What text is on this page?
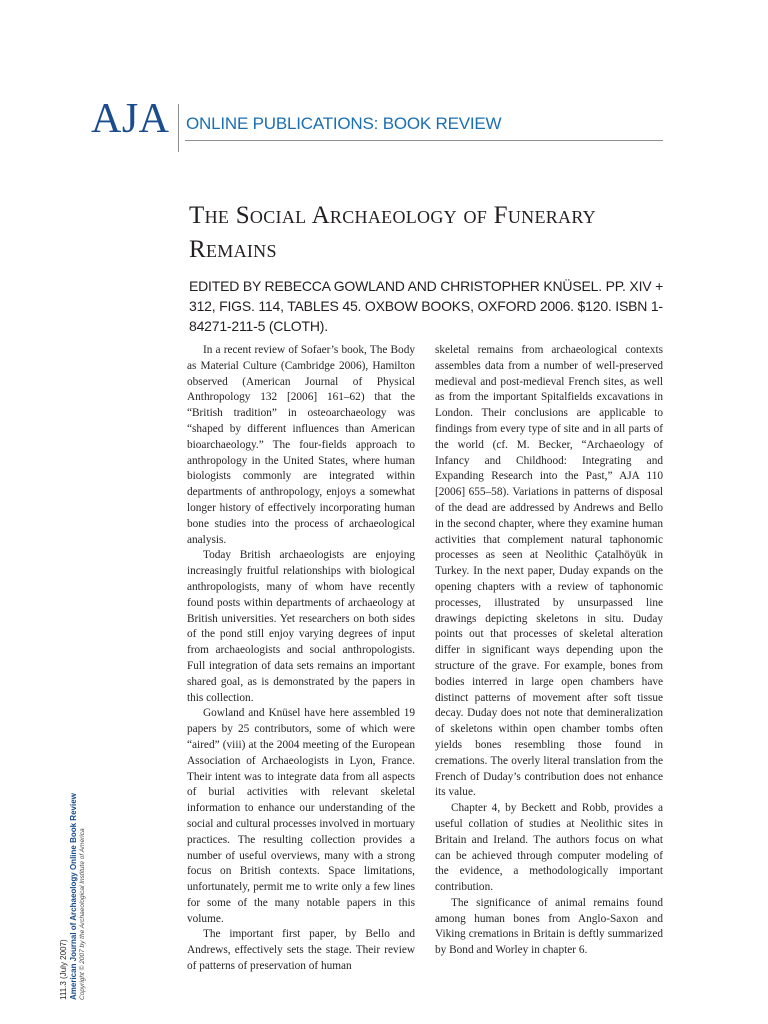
AJA ONLINE PUBLICATIONS: BOOK REVIEW
The Social Archaeology of Funerary Remains
EDITED BY REBECCA GOWLAND AND CHRISTOPHER KNÜSEL. PP. XIV + 312, FIGS. 114, TABLES 45. OXBOW BOOKS, OXFORD 2006. $120. ISBN 1-84271-211-5 (CLOTH).

In a recent review of Sofaer’s book, The Body as Material Culture (Cambridge 2006), Hamilton observed (American Journal of Physical Anthropology 132 [2006] 161–62) that the “British tradition” in osteoarchaeology was “shaped by different influences than American bioarchaeology.” The four-fields approach to anthropology in the United States, where human biologists commonly are integrated within departments of anthropology, enjoys a somewhat longer history of effectively incorporating human bone studies into the process of archaeological analysis.

Today British archaeologists are enjoying increasingly fruitful relationships with biological anthropologists, many of whom have recently found posts within departments of archaeology at British universities. Yet researchers on both sides of the pond still enjoy varying degrees of input from archaeologists and social anthropologists. Full integration of data sets remains an important shared goal, as is demonstrated by the papers in this collection.

Gowland and Knüsel have here assembled 19 papers by 25 contributors, some of which were “aired” (viii) at the 2004 meeting of the European Association of Archaeologists in Lyon, France. Their intent was to integrate data from all aspects of burial activities with relevant skeletal information to enhance our understanding of the social and cultural processes involved in mortuary practices. The resulting collection provides a number of useful overviews, many with a strong focus on British contexts. Space limitations, unfortunately, permit me to write only a few lines for some of the many notable papers in this volume.

The important first paper, by Bello and Andrews, effectively sets the stage. Their review of patterns of preservation of human

skeletal remains from archaeological contexts assembles data from a number of well-preserved medieval and post-medieval French sites, as well as from the important Spitalfields excavations in London. Their conclusions are applicable to findings from every type of site and in all parts of the world (cf. M. Becker, “Archaeology of Infancy and Childhood: Integrating and Expanding Research into the Past,” AJA 110 [2006] 655–58). Variations in patterns of disposal of the dead are addressed by Andrews and Bello in the second chapter, where they examine human activities that complement natural taphonomic processes as seen at Neolithic Çatalhöyük in Turkey. In the next paper, Duday expands on the opening chapters with a review of taphonomic processes, illustrated by unsurpassed line drawings depicting skeletons in situ. Duday points out that processes of skeletal alteration differ in significant ways depending upon the structure of the grave. For example, bones from bodies interred in large open chambers have distinct patterns of movement after soft tissue decay. Duday does not note that demineralization of skeletons within open chamber tombs often yields bones resembling those found in cremations. The overly literal translation from the French of Duday’s contribution does not enhance its value.

Chapter 4, by Beckett and Robb, provides a useful collation of studies at Neolithic sites in Britain and Ireland. The authors focus on what can be achieved through computer modeling of the evidence, a methodologically important contribution.

The significance of animal remains found among human bones from Anglo-Saxon and Viking cremations in Britain is deftly summarized by Bond and Worley in chapter 6.

111.3 (July 2007) American Journal of Archaeology Online Book Review Copyright © 2007 by the Archaeological Institute of America
